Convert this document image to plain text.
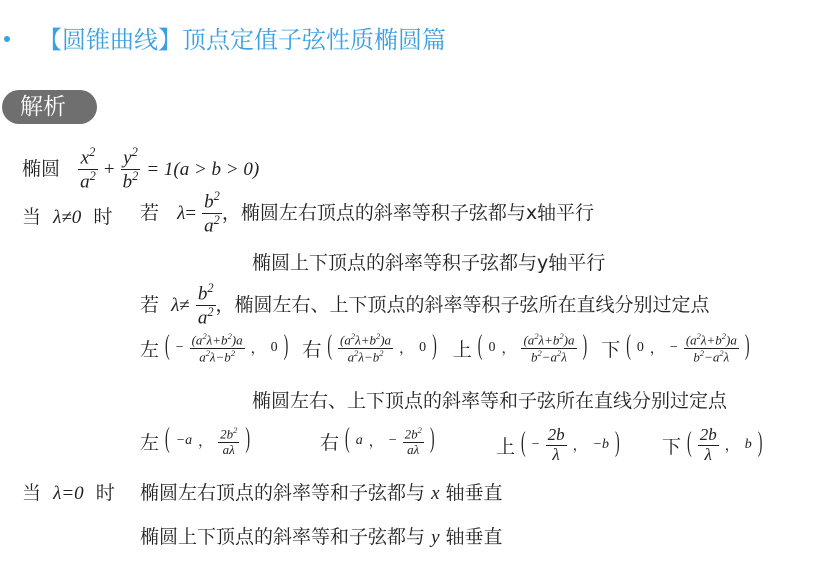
【圆锥曲线】顶点定值子弦性质椭圆篇
解析
椭圆 $\frac{x^2}{a^2} + \frac{y^2}{b^2} = 1(a > b > 0)$
当 λ≠0 时 若 $\lambda= \frac{b^2}{a^2}$ ，椭圆左右顶点的斜率等积子弦都与x轴平行
椭圆上下顶点的斜率等积子弦都与y轴平行
若 $\lambda\ne \frac{b^2}{a^2}$ ，椭圆左右、上下顶点的斜率等积子弦所在直线分别过定点
左 ( − $\frac{(a^2\lambda+b^2)a}{a^2\lambda-b^2}$ ， 0 )
右 ( $\frac{(a^2\lambda+b^2)a}{a^2\lambda-b^2}$ ， 0 )
上 ( 0 ， $\frac{(a^2\lambda+b^2)a}{b^2-a^2\lambda}$ )
下 ( 0 ， − $\frac{(a^2\lambda+b^2)a}{b^2-a^2\lambda}$ )
椭圆左右、上下顶点的斜率等和子弦所在直线分别过定点
左 ( −a ， $\frac{2b^2}{a\lambda}$ )	右 ( a ， − $\frac{2b^2}{a\lambda}$ )	上 ( − $\frac{2b}{\lambda}$ ， −b ) 下 ( $\frac{2b}{\lambda}$ ， b )
当 λ=0 时 椭圆左右顶点的斜率等和子弦都与 x 轴垂直
椭圆上下顶点的斜率等和子弦都与 y 轴垂直
